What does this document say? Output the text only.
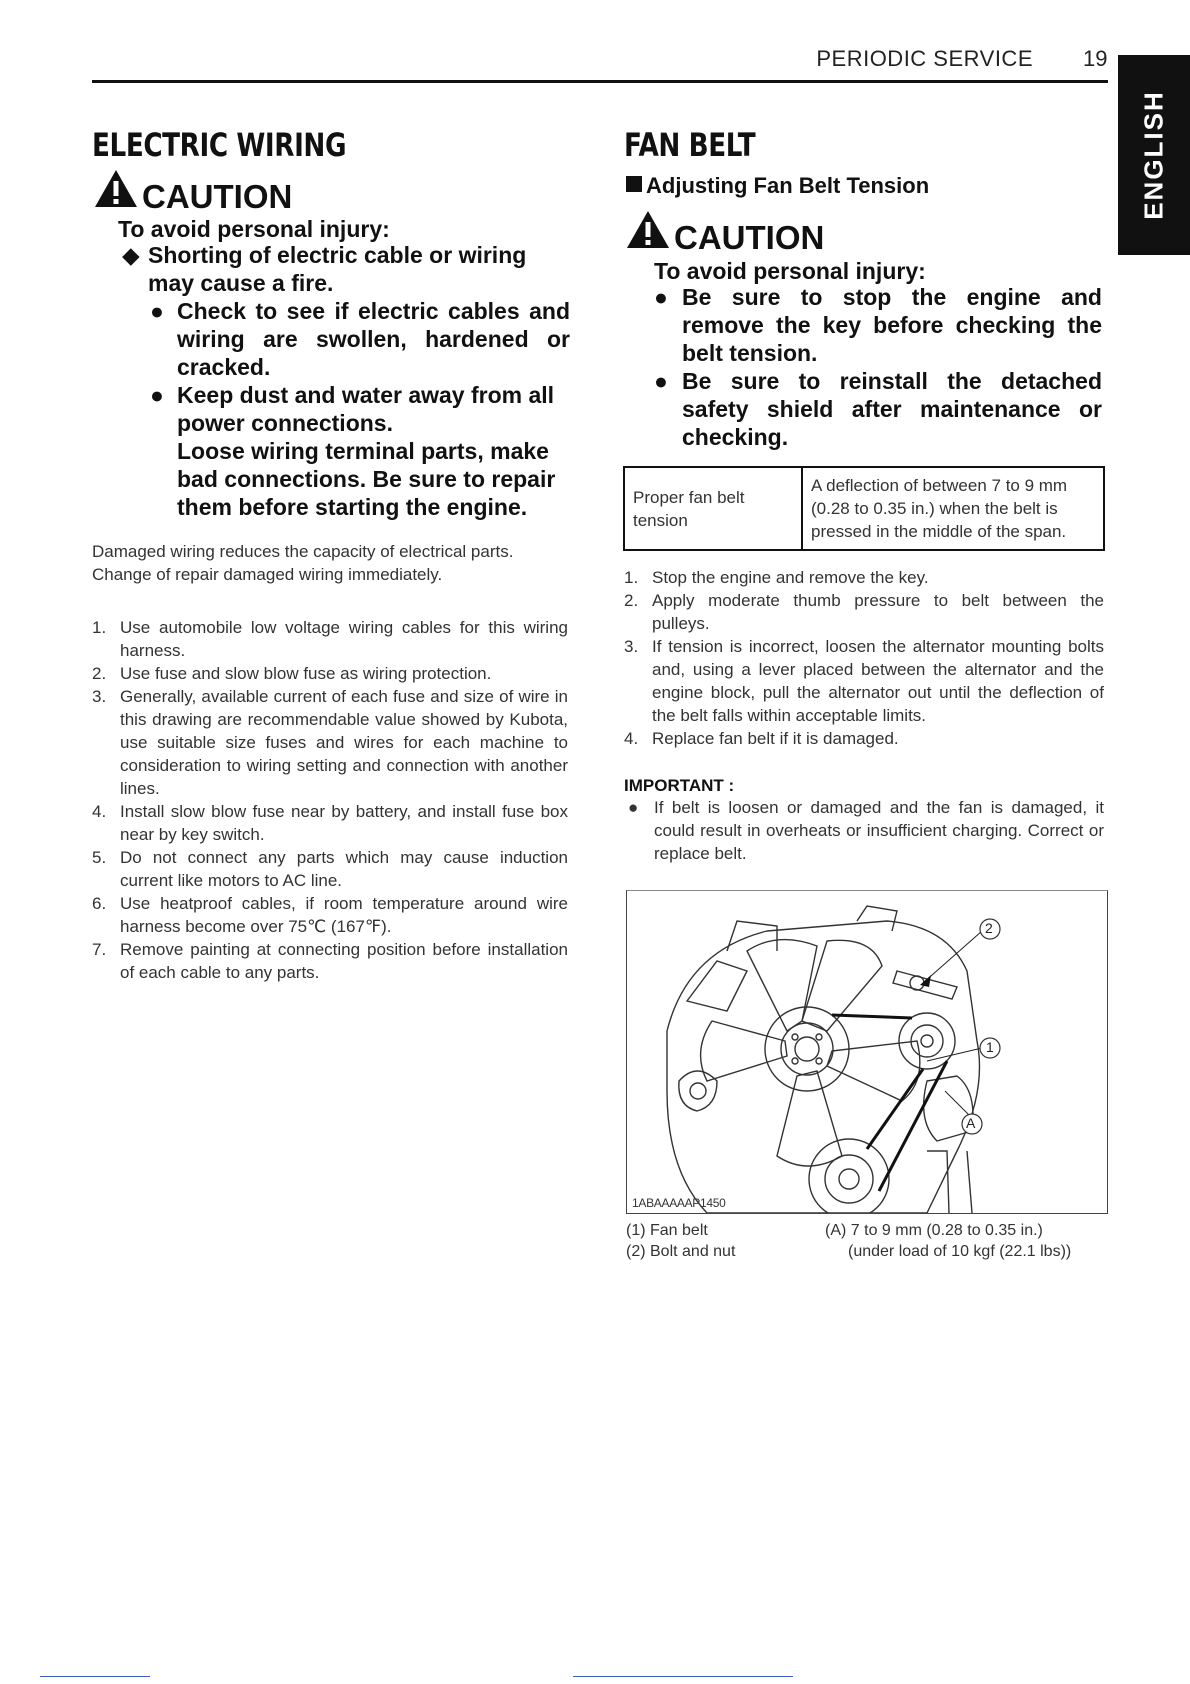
PERIODIC SERVICE 19
ENGLISH
ELECTRIC WIRING
CAUTION
To avoid personal injury:
◆ Shorting of electric cable or wiring may cause a fire.
● Check to see if electric cables and wiring are swollen, hardened or cracked.
● Keep dust and water away from all power connections.
Loose wiring terminal parts, make bad connections. Be sure to repair them before starting the engine.
Damaged wiring reduces the capacity of electrical parts.
Change of repair damaged wiring immediately.
1. Use automobile low voltage wiring cables for this wiring harness.
2. Use fuse and slow blow fuse as wiring protection.
3. Generally, available current of each fuse and size of wire in this drawing are recommendable value showed by Kubota, use suitable size fuses and wires for each machine to consideration to wiring setting and connection with another lines.
4. Install slow blow fuse near by battery, and install fuse box near by key switch.
5. Do not connect any parts which may cause induction current like motors to AC line.
6. Use heatproof cables, if room temperature around wire harness become over 75℃ (167℉).
7. Remove painting at connecting position before installation of each cable to any parts.
FAN BELT
Adjusting Fan Belt Tension
CAUTION
To avoid personal injury:
● Be sure to stop the engine and remove the key before checking the belt tension.
● Be sure to reinstall the detached safety shield after maintenance or checking.
Proper fan belt tension	A deflection of between 7 to 9 mm (0.28 to 0.35 in.) when the belt is pressed in the middle of the span.
1. Stop the engine and remove the key.
2. Apply moderate thumb pressure to belt between the pulleys.
3. If tension is incorrect, loosen the alternator mounting bolts and, using a lever placed between the alternator and the engine block, pull the alternator out until the deflection of the belt falls within acceptable limits.
4. Replace fan belt if it is damaged.
IMPORTANT :
● If belt is loosen or damaged and the fan is damaged, it could result in overheats or insufficient charging. Correct or replace belt.
2
1
A
1ABAAAAAP1450
(1) Fan belt
(2) Bolt and nut
(A) 7 to 9 mm (0.28 to 0.35 in.)
(under load of 10 kgf (22.1 lbs))
